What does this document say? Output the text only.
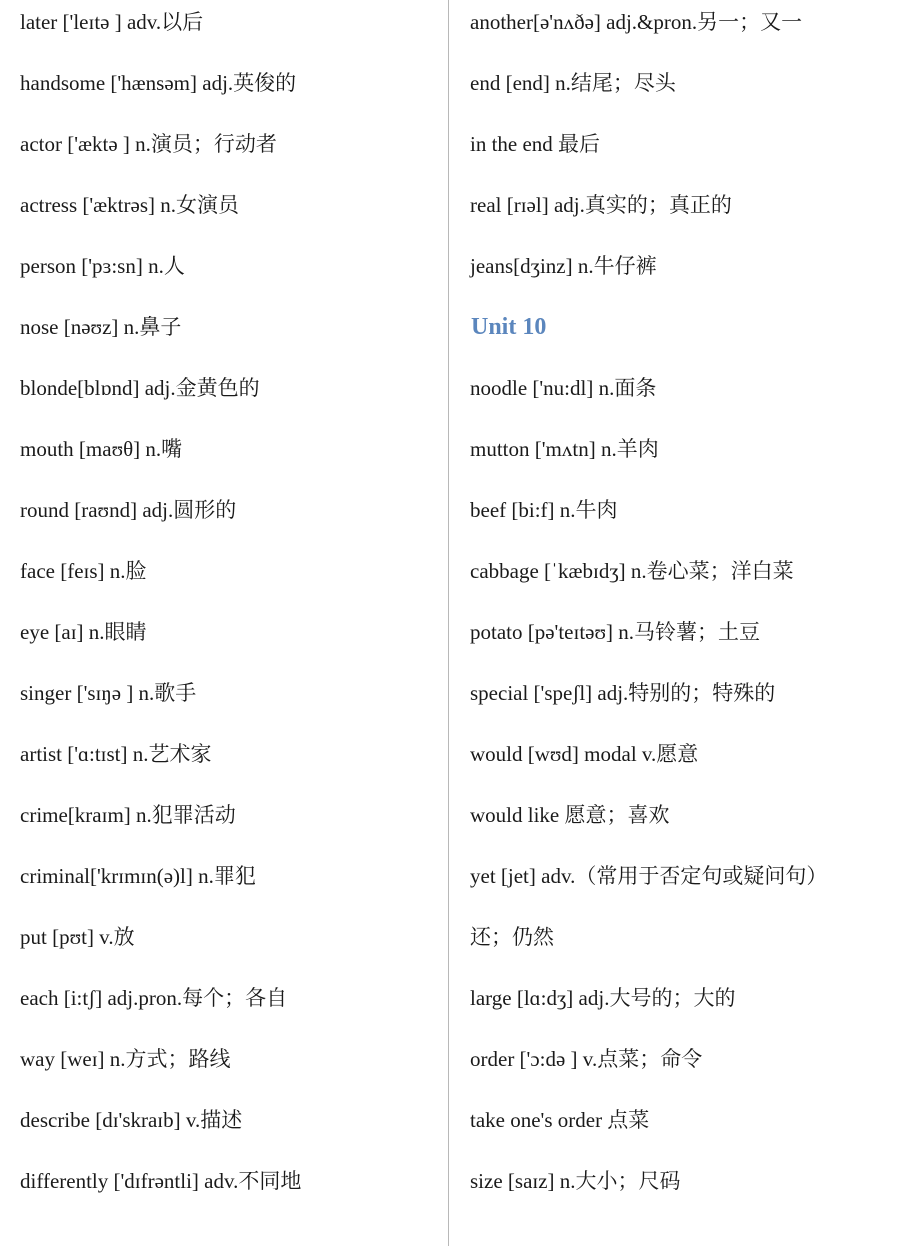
later ['leɪtə ] adv.以后
handsome ['hænsəm] adj.英俊的
actor ['æktə ] n.演员；行动者
actress ['æktrəs] n.女演员
person ['pɜ:sn] n.人
nose [nəʊz] n.鼻子
blonde[blɒnd] adj.金黄色的
mouth [maʊθ] n.嘴
round [raʊnd] adj.圆形的
face [feɪs] n.脸
eye [aɪ] n.眼睛
singer ['sɪŋə ] n.歌手
artist ['ɑ:tɪst] n.艺术家
crime[kraɪm] n.犯罪活动
criminal['krɪmɪn(ə)l] n.罪犯
put [pʊt] v.放
each [i:tʃ] adj.pron.每个；各自
way [weɪ] n.方式；路线
describe [dɪ'skraɪb] v.描述
differently ['dɪfrəntli] adv.不同地
another[ə'nʌðə] adj.&pron.另一；又一
end [end] n.结尾；尽头
in the end 最后
real [rɪəl] adj.真实的；真正的
jeans[dʒinz] n.牛仔裤
Unit 10
noodle ['nu:dl] n.面条
mutton ['mʌtn] n.羊肉
beef [bi:f] n.牛肉
cabbage [ˈkæbɪdʒ] n.卷心菜；洋白菜
potato [pə'teɪtəʊ] n.马铃薯；土豆
special ['speʃl] adj.特别的；特殊的
would [wʊd] modal v.愿意
would like 愿意；喜欢
yet [jet] adv.（常用于否定句或疑问句）
还；仍然
large [lɑ:dʒ] adj.大号的；大的
order ['ɔ:də ] v.点菜；命令
take one's order 点菜
size [saɪz] n.大小；尺码
